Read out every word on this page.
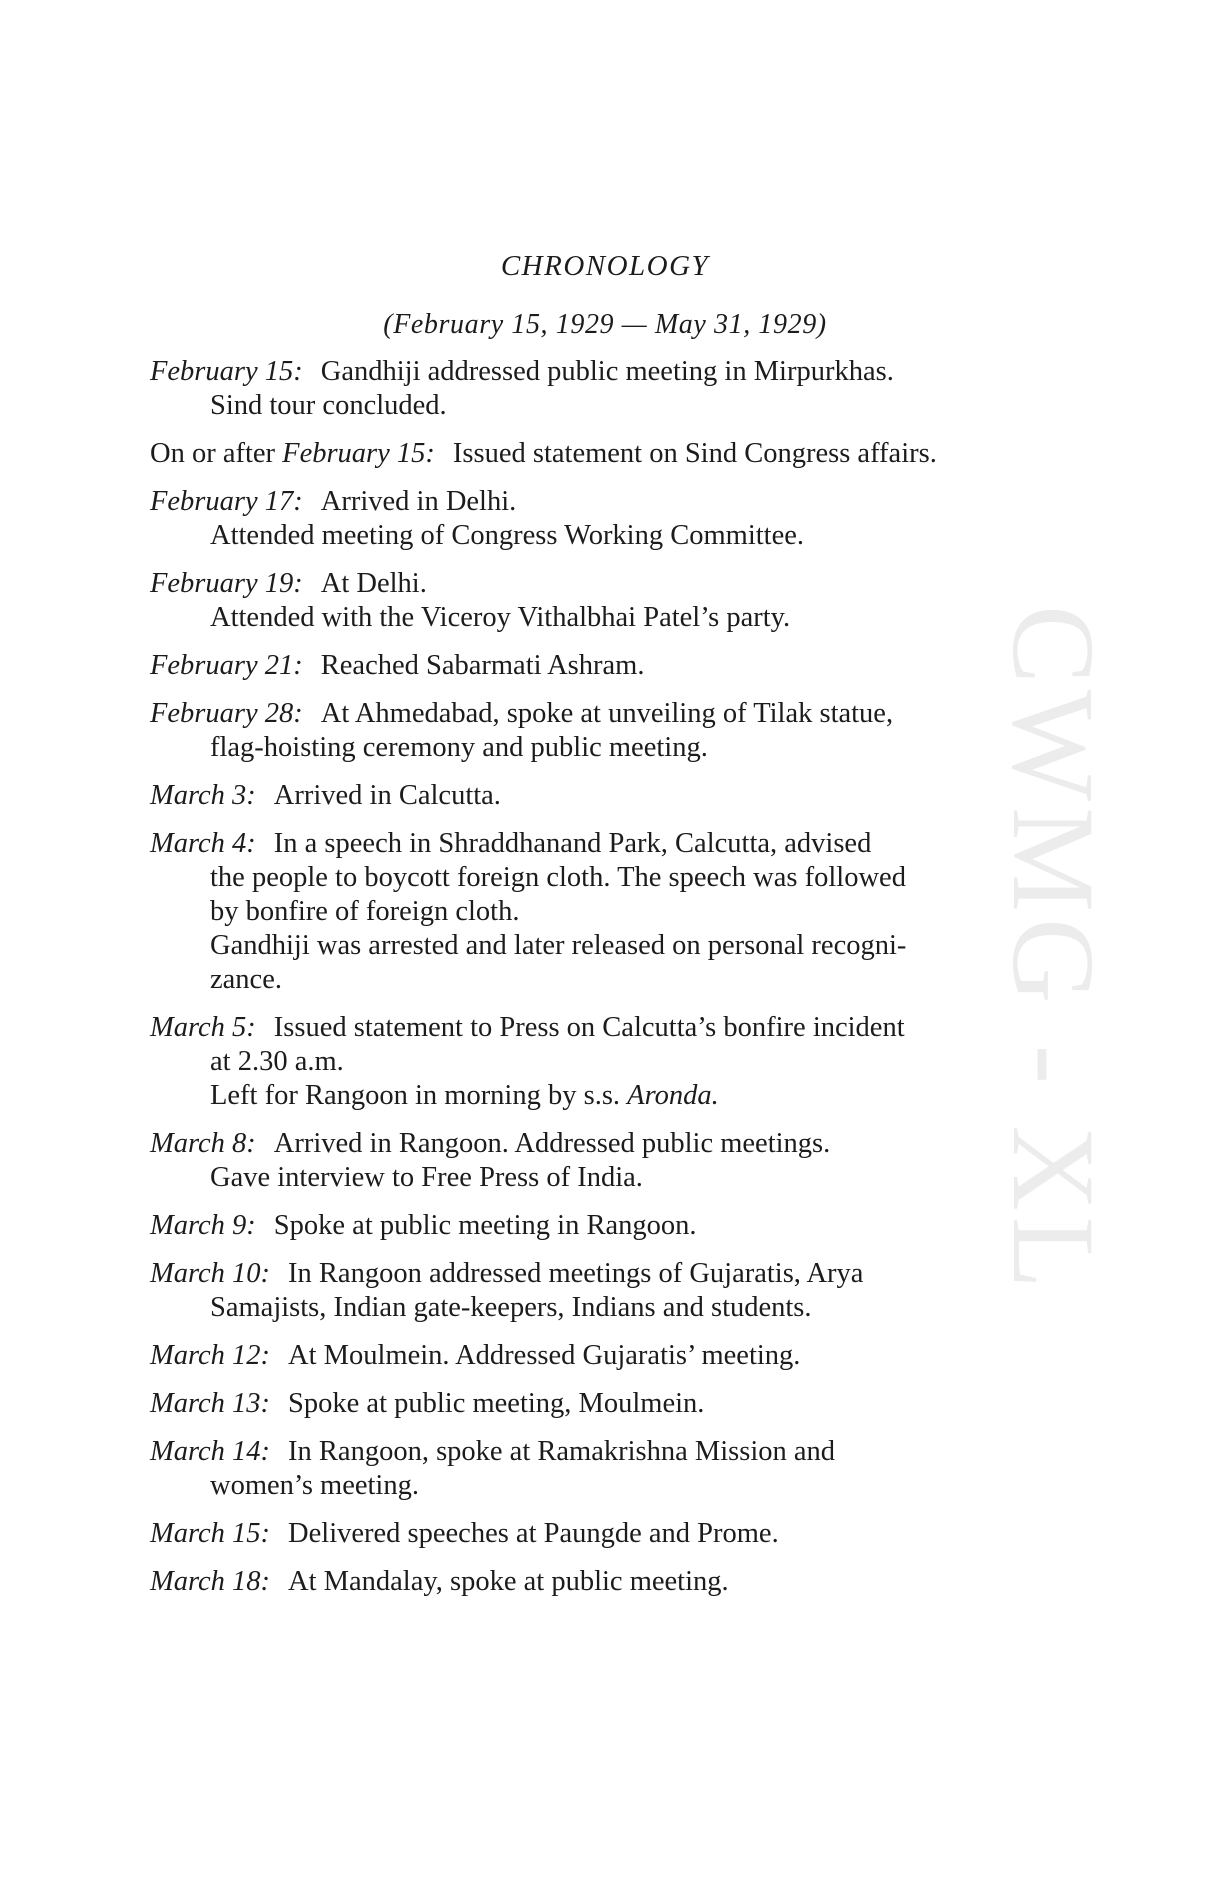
CWMG - XL
CHRONOLOGY
(February 15, 1929 — May 31, 1929)
February 15: Gandhiji addressed public meeting in Mirpurkhas.
Sind tour concluded.
On or after February 15: Issued statement on Sind Congress affairs.
February 17: Arrived in Delhi.
Attended meeting of Congress Working Committee.
February 19: At Delhi.
Attended with the Viceroy Vithalbhai Patel’s party.
February 21: Reached Sabarmati Ashram.
February 28: At Ahmedabad, spoke at unveiling of Tilak statue,
flag-hoisting ceremony and public meeting.
March 3: Arrived in Calcutta.
March 4: In a speech in Shraddhanand Park, Calcutta, advised
the people to boycott foreign cloth. The speech was followed
by bonfire of foreign cloth.
Gandhiji was arrested and later released on personal recogni-
zance.
March 5: Issued statement to Press on Calcutta’s bonfire incident
at 2.30 a.m.
Left for Rangoon in morning by s.s. Aronda.
March 8: Arrived in Rangoon. Addressed public meetings.
Gave interview to Free Press of India.
March 9: Spoke at public meeting in Rangoon.
March 10: In Rangoon addressed meetings of Gujaratis, Arya
Samajists, Indian gate-keepers, Indians and students.
March 12: At Moulmein. Addressed Gujaratis’ meeting.
March 13: Spoke at public meeting, Moulmein.
March 14: In Rangoon, spoke at Ramakrishna Mission and
women’s meeting.
March 15: Delivered speeches at Paungde and Prome.
March 18: At Mandalay, spoke at public meeting.
